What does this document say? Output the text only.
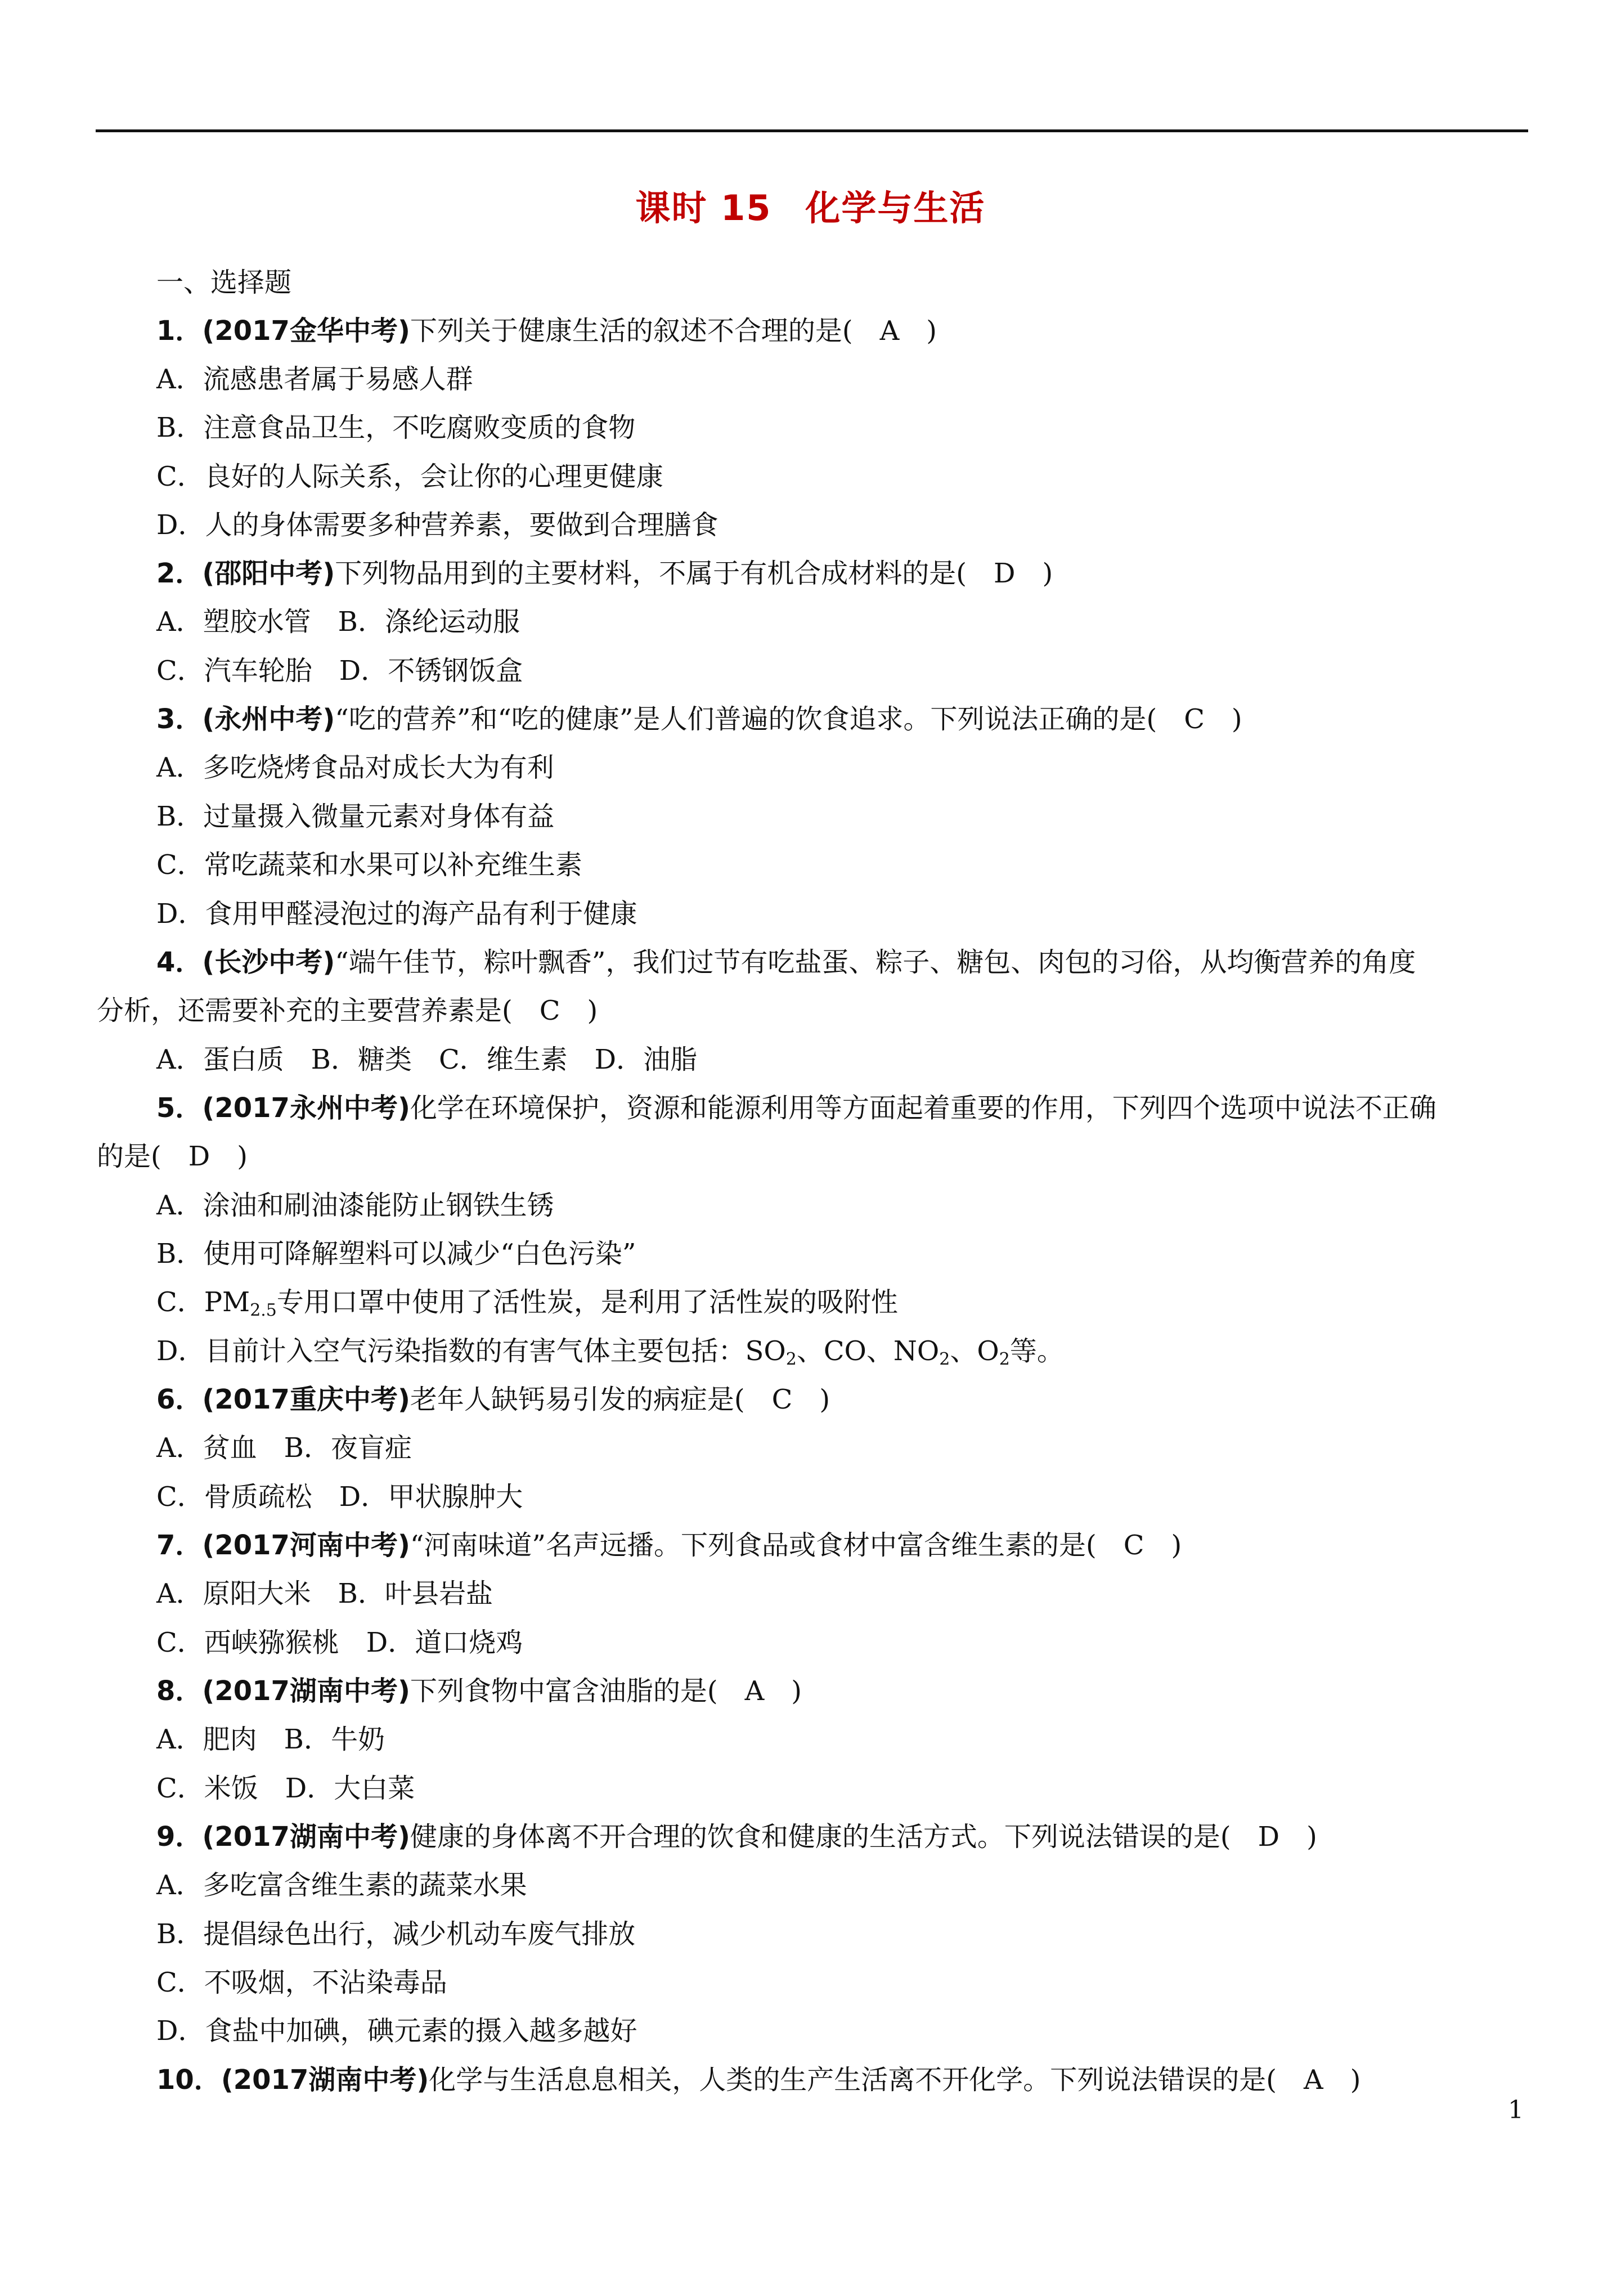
课时 15 化学与生活
一、选择题
1．(2017金华中考)下列关于健康生活的叙述不合理的是(　A　)
A．流感患者属于易感人群
B．注意食品卫生，不吃腐败变质的食物
C．良好的人际关系，会让你的心理更健康
D．人的身体需要多种营养素，要做到合理膳食
2．(邵阳中考)下列物品用到的主要材料，不属于有机合成材料的是(　D　)
A．塑胶水管　B．涤纶运动服
C．汽车轮胎　D．不锈钢饭盒
3．(永州中考)“吃的营养”和“吃的健康”是人们普遍的饮食追求。下列说法正确的是(　C　)
A．多吃烧烤食品对成长大为有利
B．过量摄入微量元素对身体有益
C．常吃蔬菜和水果可以补充维生素
D．食用甲醛浸泡过的海产品有利于健康
4．(长沙中考)“端午佳节，粽叶飘香”，我们过节有吃盐蛋、粽子、糖包、肉包的习俗，从均衡营养的角度
分析，还需要补充的主要营养素是(　C　)
A．蛋白质　B．糖类　C．维生素　D．油脂
5．(2017永州中考)化学在环境保护，资源和能源利用等方面起着重要的作用，下列四个选项中说法不正确
的是(　D　)
A．涂油和刷油漆能防止钢铁生锈
B．使用可降解塑料可以减少“白色污染”
C．$PM_{2.5}$专用口罩中使用了活性炭，是利用了活性炭的吸附性
D．目前计入空气污染指数的有害气体主要包括：$SO_2$、CO、$NO_2$、$O_2$等。
6．(2017重庆中考)老年人缺钙易引发的病症是(　C　)
A．贫血　B．夜盲症
C．骨质疏松　D．甲状腺肿大
7．(2017河南中考)“河南味道”名声远播。下列食品或食材中富含维生素的是(　C　)
A．原阳大米　B．叶县岩盐
C．西峡猕猴桃　D．道口烧鸡
8．(2017湖南中考)下列食物中富含油脂的是(　A　)
A．肥肉　B．牛奶
C．米饭　D．大白菜
9．(2017湖南中考)健康的身体离不开合理的饮食和健康的生活方式。下列说法错误的是(　D　)
A．多吃富含维生素的蔬菜水果
B．提倡绿色出行，减少机动车废气排放
C．不吸烟，不沾染毒品
D．食盐中加碘，碘元素的摄入越多越好
10．(2017湖南中考)化学与生活息息相关，人类的生产生活离不开化学。下列说法错误的是(　A　)
1
